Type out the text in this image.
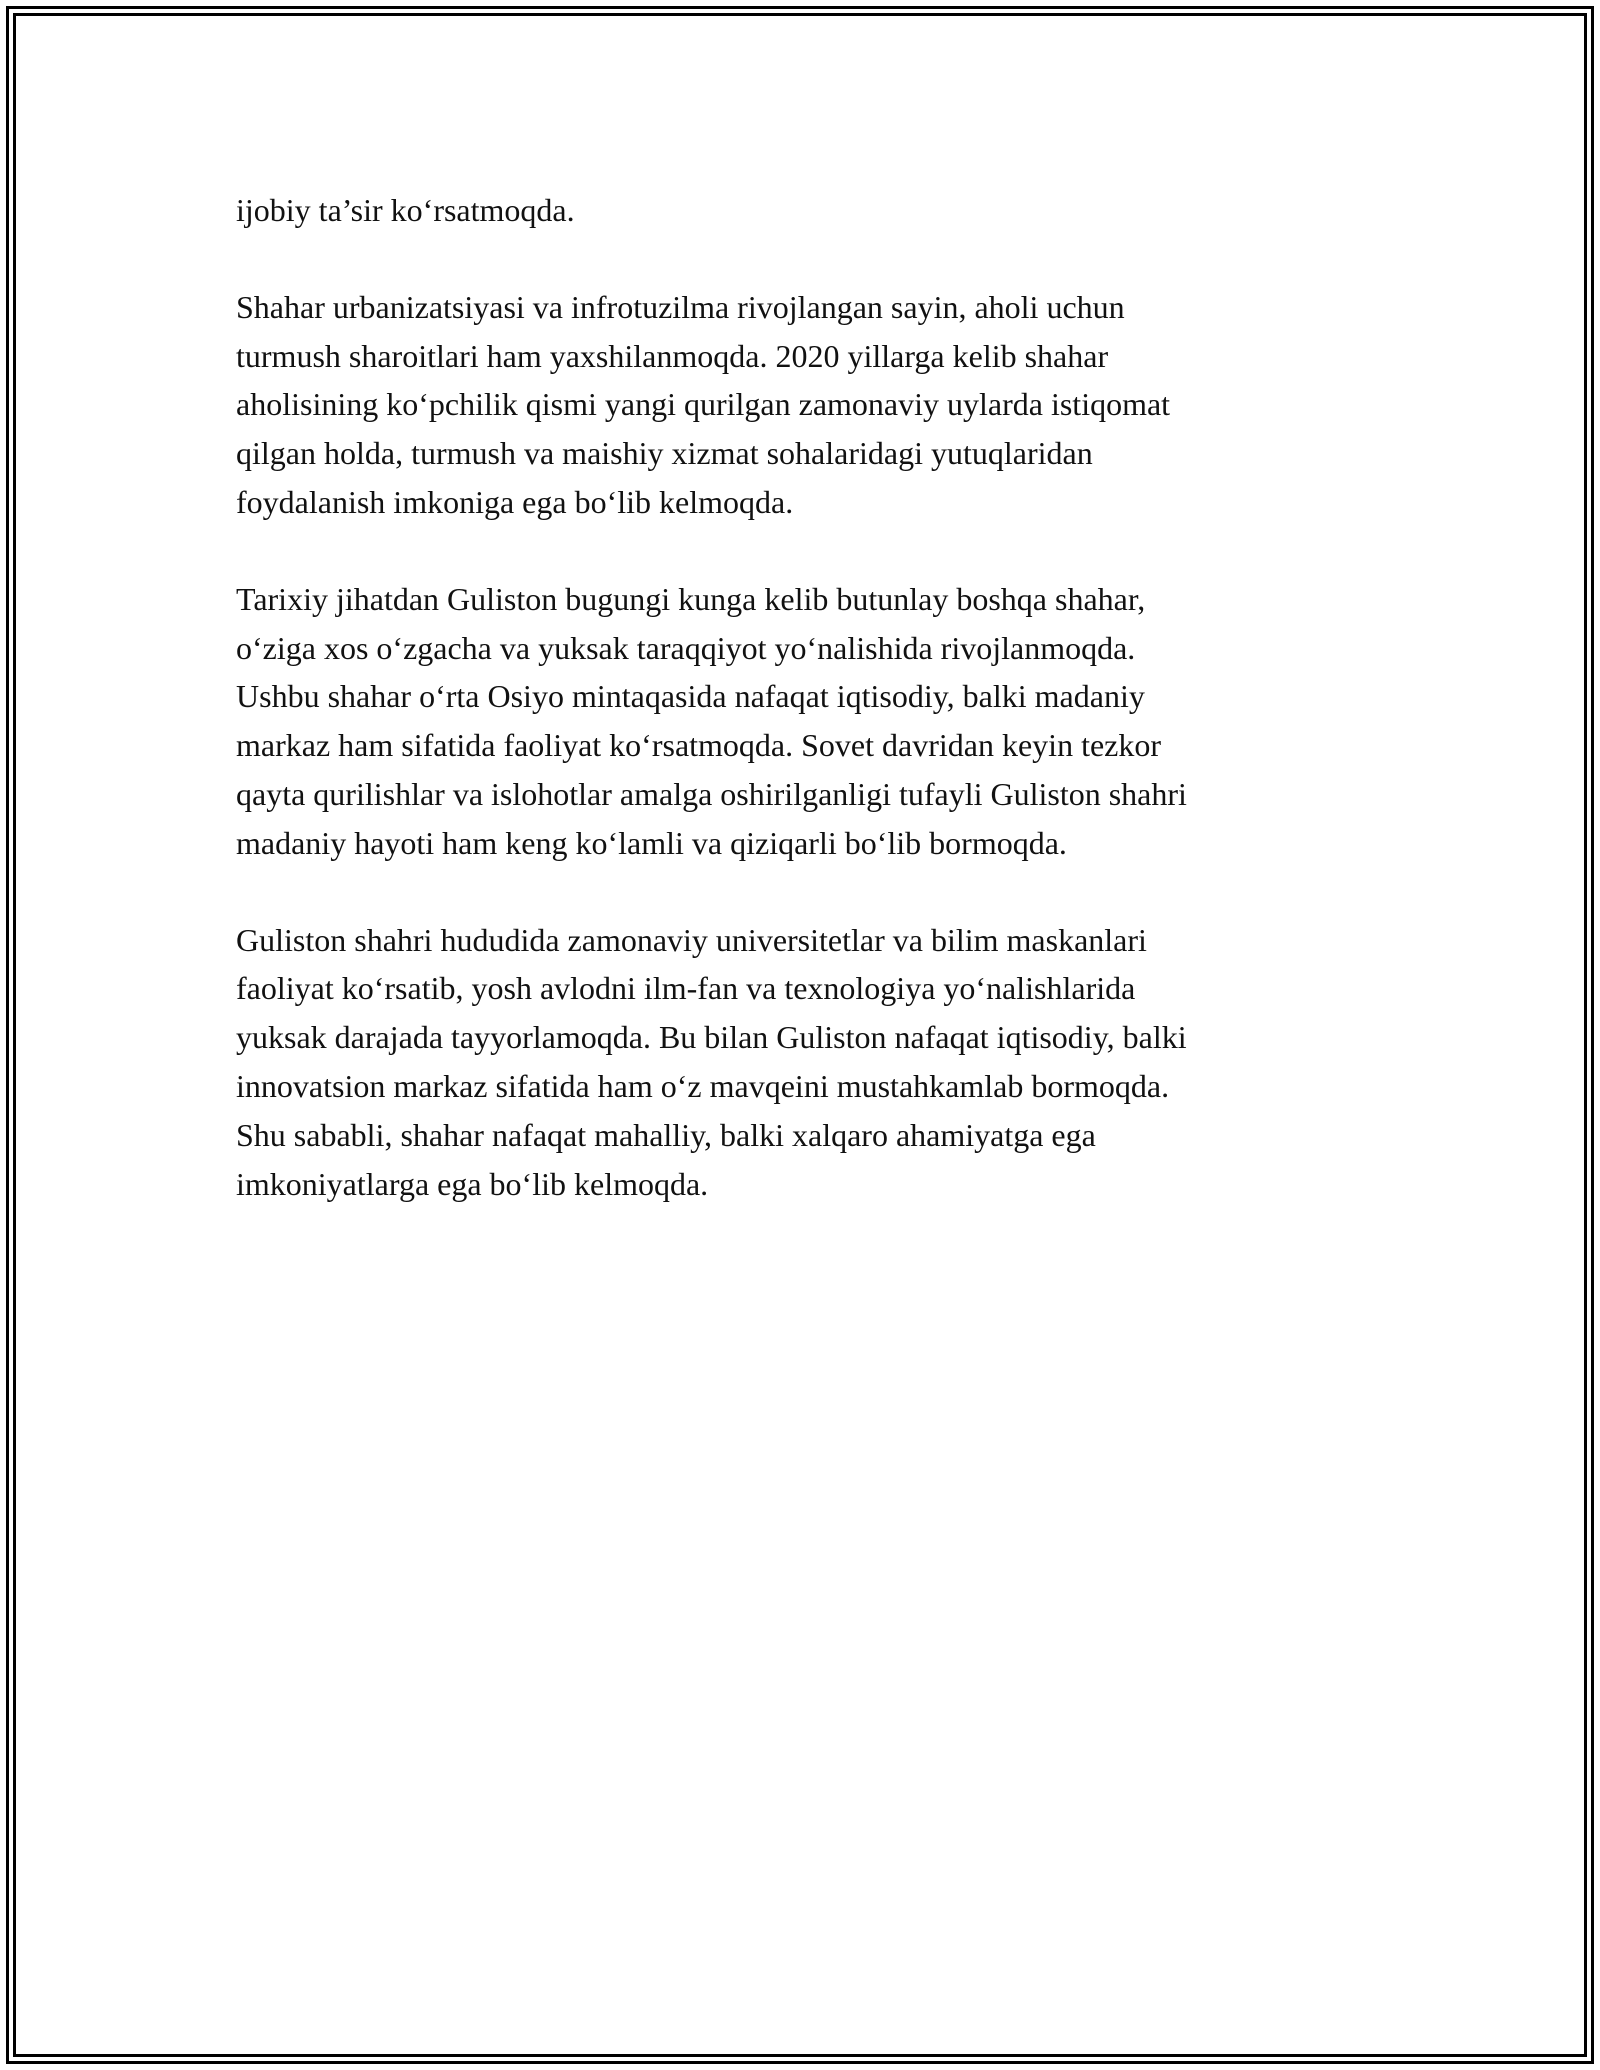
ijobiy ta’sir ko‘rsatmoqda.

Shahar urbanizatsiyasi va infrotuzilma rivojlangan sayin, aholi uchun
turmush sharoitlari ham yaxshilanmoqda. 2020 yillarga kelib shahar
aholisining ko‘pchilik qismi yangi qurilgan zamonaviy uylarda istiqomat
qilgan holda, turmush va maishiy xizmat sohalaridagi yutuqlaridan
foydalanish imkoniga ega bo‘lib kelmoqda.

Tarixiy jihatdan Guliston bugungi kunga kelib butunlay boshqa shahar,
o‘ziga xos o‘zgacha va yuksak taraqqiyot yo‘nalishida rivojlanmoqda.
Ushbu shahar o‘rta Osiyo mintaqasida nafaqat iqtisodiy, balki madaniy
markaz ham sifatida faoliyat ko‘rsatmoqda. Sovet davridan keyin tezkor
qayta qurilishlar va islohotlar amalga oshirilganligi tufayli Guliston shahri
madaniy hayoti ham keng ko‘lamli va qiziqarli bo‘lib bormoqda.

Guliston shahri hududida zamonaviy universitetlar va bilim maskanlari
faoliyat ko‘rsatib, yosh avlodni ilm-fan va texnologiya yo‘nalishlarida
yuksak darajada tayyorlamoqda. Bu bilan Guliston nafaqat iqtisodiy, balki
innovatsion markaz sifatida ham o‘z mavqeini mustahkamlab bormoqda.
Shu sababli, shahar nafaqat mahalliy, balki xalqaro ahamiyatga ega
imkoniyatlarga ega bo‘lib kelmoqda.
